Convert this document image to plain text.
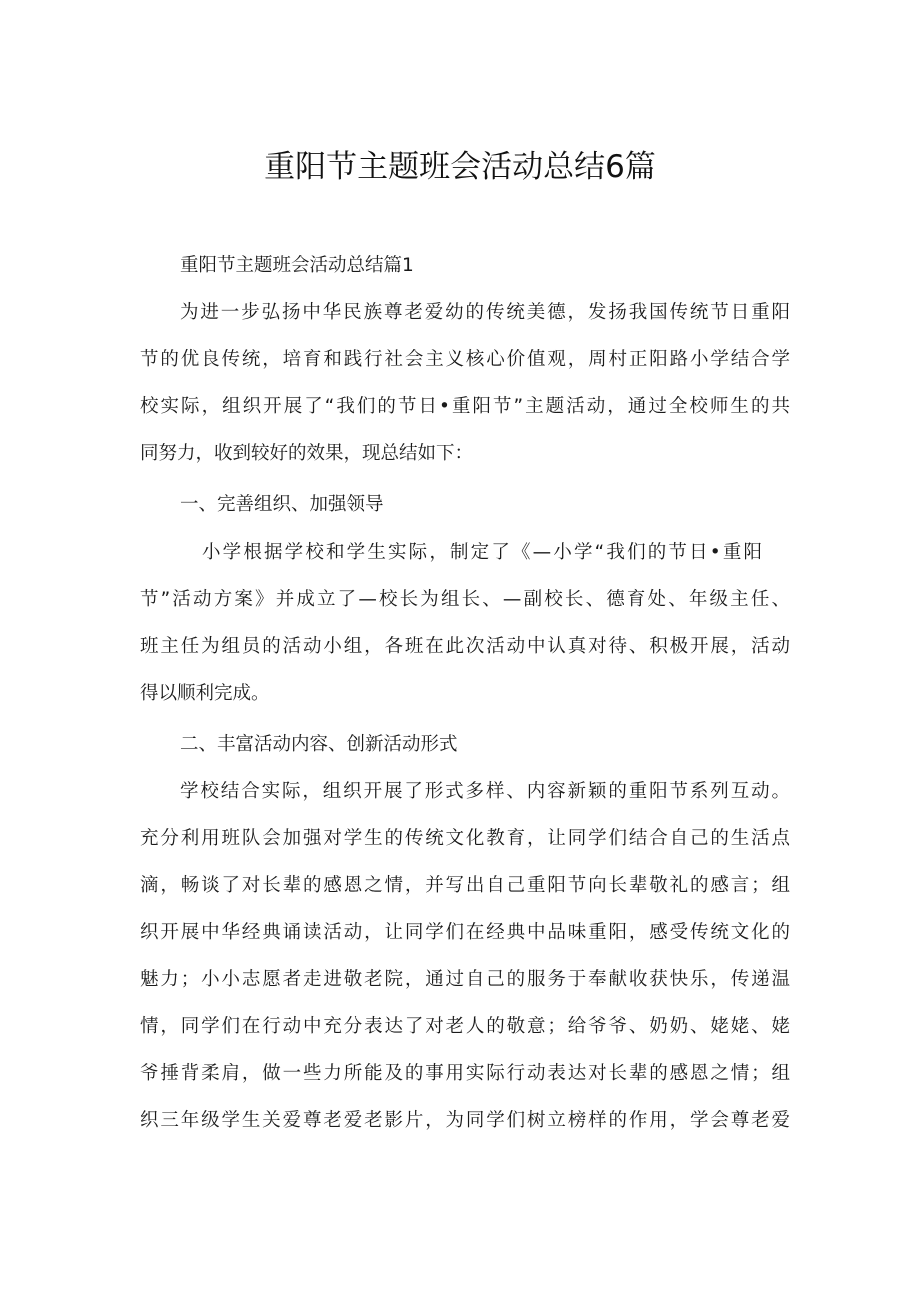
重阳节主题班会活动总结6篇

重阳节主题班会活动总结篇1

为进一步弘扬中华民族尊老爱幼的传统美德，发扬我国传统节日重阳

节的优良传统，培育和践行社会主义核心价值观，周村正阳路小学结合学

校实际，组织开展了“我们的节日•重阳节”主题活动，通过全校师生的共

同努力，收到较好的效果，现总结如下：

一、完善组织、加强领导

小学根据学校和学生实际，制定了《—小学“我们的节日•重阳

节”活动方案》并成立了—校长为组长、—副校长、德育处、年级主任、

班主任为组员的活动小组，各班在此次活动中认真对待、积极开展，活动

得以顺利完成。

二、丰富活动内容、创新活动形式

学校结合实际，组织开展了形式多样、内容新颖的重阳节系列互动。

充分利用班队会加强对学生的传统文化教育，让同学们结合自己的生活点

滴，畅谈了对长辈的感恩之情，并写出自己重阳节向长辈敬礼的感言；组

织开展中华经典诵读活动，让同学们在经典中品味重阳，感受传统文化的

魅力；小小志愿者走进敬老院，通过自己的服务于奉献收获快乐，传递温

情，同学们在行动中充分表达了对老人的敬意；给爷爷、奶奶、姥姥、姥

爷捶背柔肩，做一些力所能及的事用实际行动表达对长辈的感恩之情；组

织三年级学生关爱尊老爱老影片，为同学们树立榜样的作用，学会尊老爱
